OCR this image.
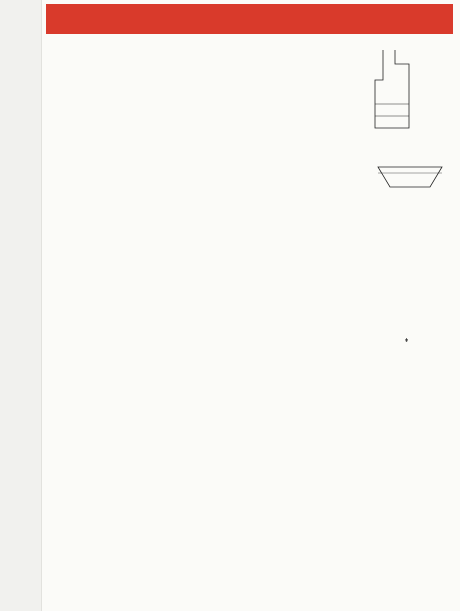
ǂ
